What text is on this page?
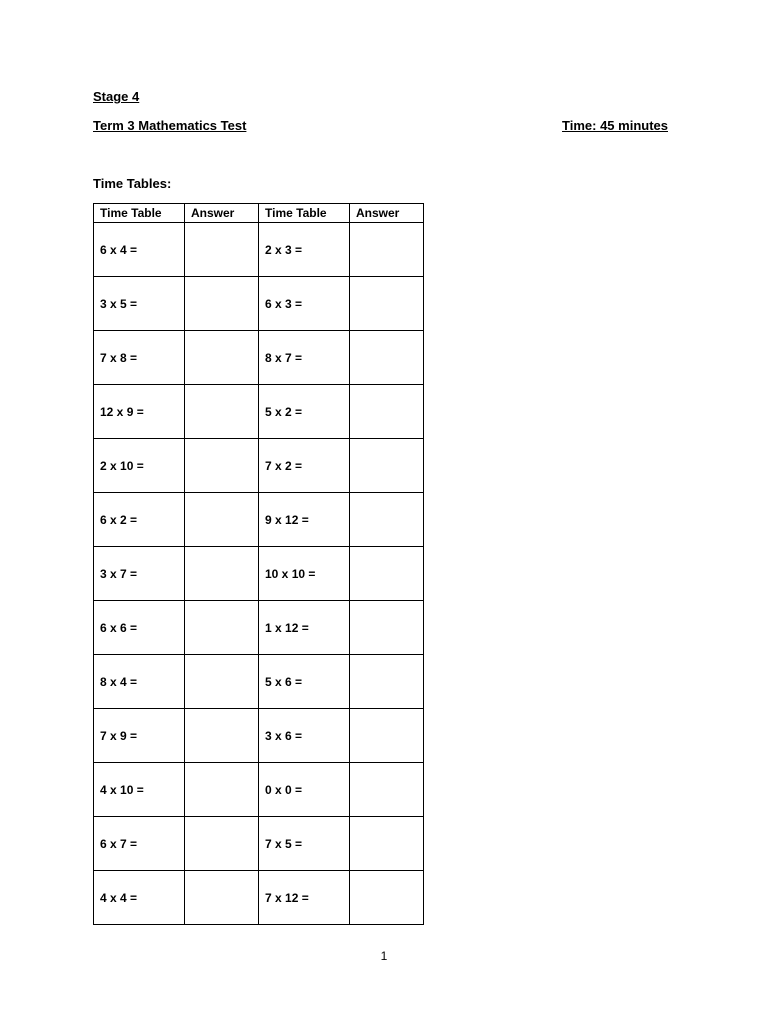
Stage 4
Term 3 Mathematics Test	Time: 45 minutes
Time Tables:
Time Table	Answer	Time Table	Answer
6 x 4 =		2 x 3 =	
3 x 5 =		6 x 3 =	
7 x 8 =		8 x 7 =	
12 x 9 =		5 x 2 =	
2 x 10 =		7 x 2 =	
6 x 2 =		9 x 12 =	
3 x 7 =		10 x 10 =	
6 x 6 =		1 x 12 =	
8 x 4 =		5 x 6 =	
7 x 9 =		3 x 6 =	
4 x 10 =		0 x 0 =	
6 x 7 =		7 x 5 =	
4 x 4 =		7 x 12 =	
1
